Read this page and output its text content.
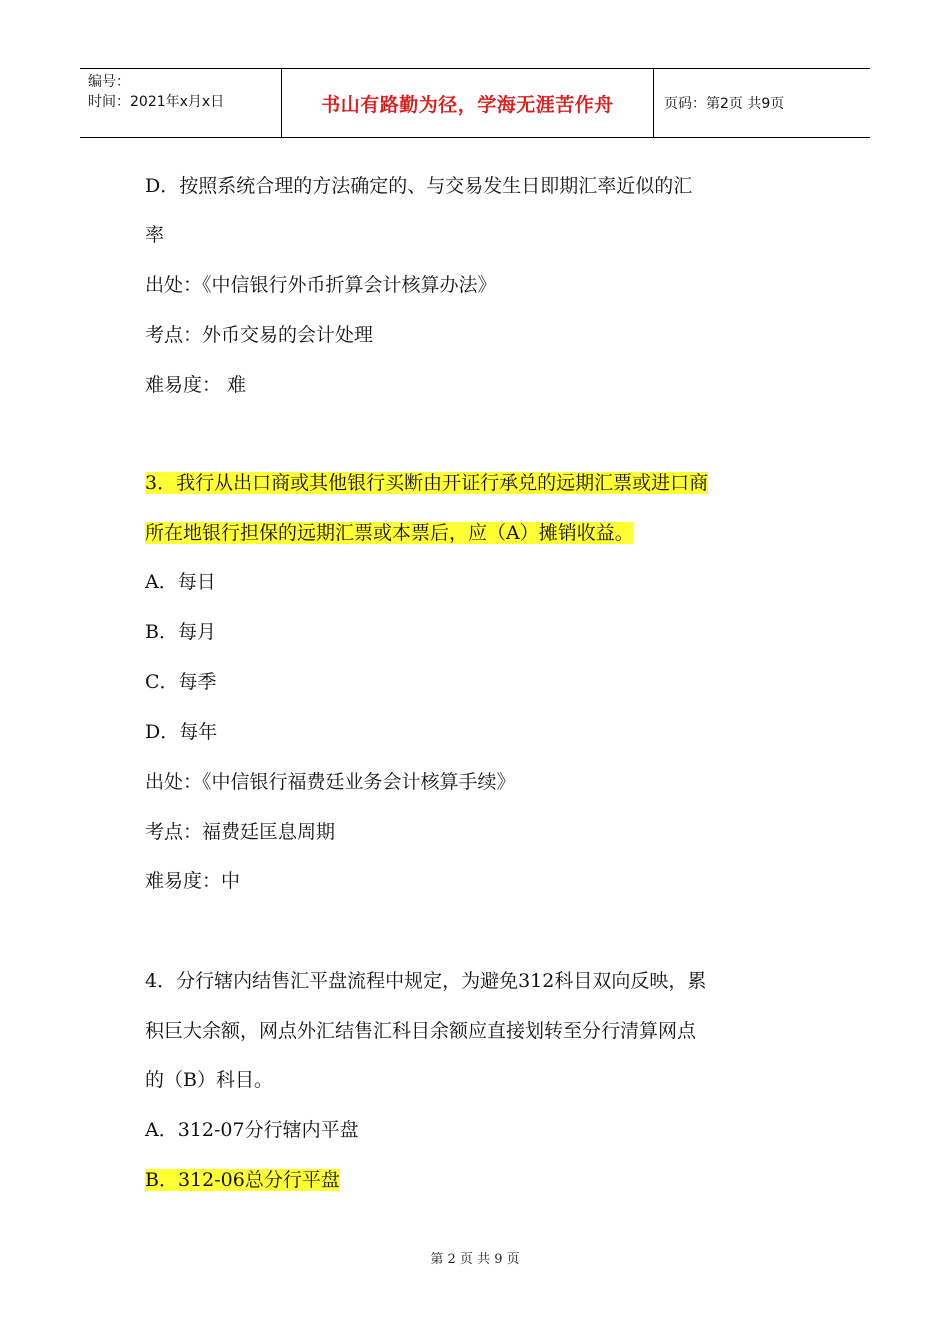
编号：
时间：2021年x月x日	书山有路勤为径，学海无涯苦作舟	页码：第2页 共9页
D．按照系统合理的方法确定的、与交易发生日即期汇率近似的汇
率
出处：《中信银行外币折算会计核算办法》
考点：外币交易的会计处理
难易度： 难
3．我行从出口商或其他银行买断由开证行承兑的远期汇票或进口商
所在地银行担保的远期汇票或本票后，应（A）摊销收益。
A．每日
B．每月
C．每季
D．每年
出处：《中信银行福费廷业务会计核算手续》
考点：福费廷匡息周期
难易度：中
4．分行辖内结售汇平盘流程中规定，为避免312科目双向反映，累
积巨大余额，网点外汇结售汇科目余额应直接划转至分行清算网点
的（B）科目。
A．312-07分行辖内平盘
B．312-06总分行平盘
第 2 页 共 9 页
